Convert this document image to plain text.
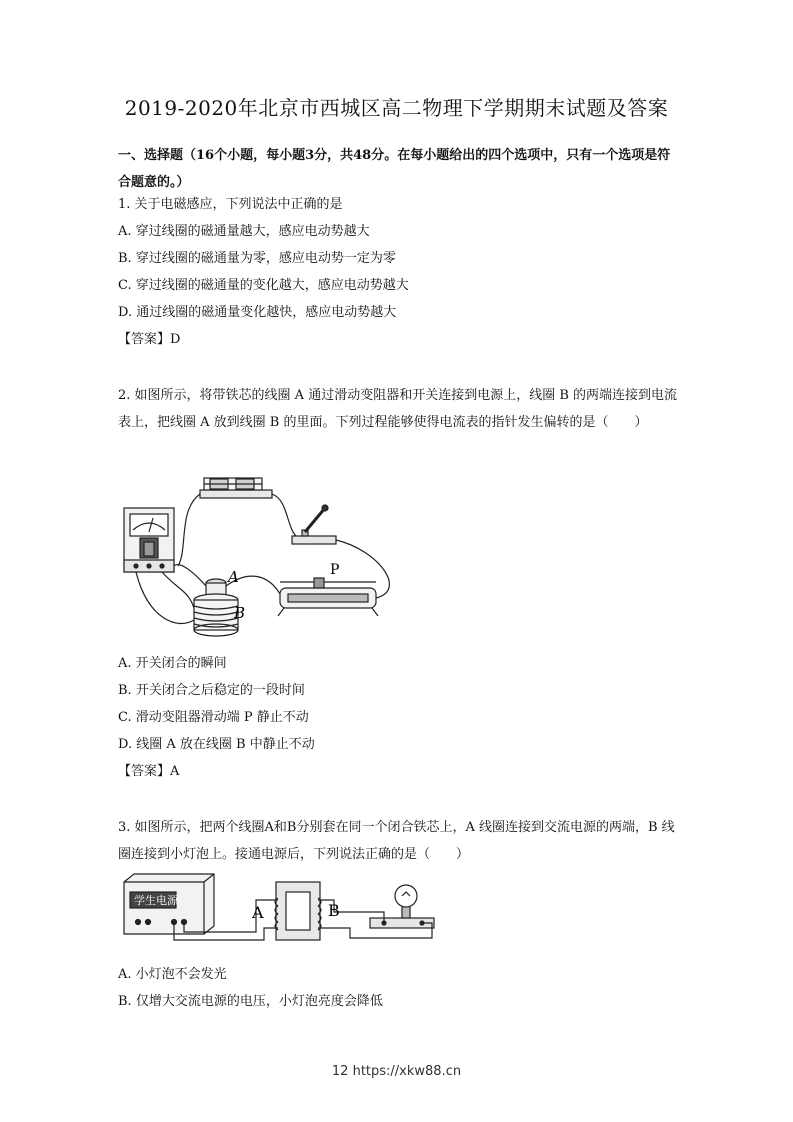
2019-2020年北京市西城区高二物理下学期期末试题及答案
一、选择题（16个小题，每小题3分，共48分。在每小题给出的四个选项中，只有一个选项是符合题意的。）
1. 关于电磁感应，下列说法中正确的是
A. 穿过线圈的磁通量越大，感应电动势越大
B. 穿过线圈的磁通量为零，感应电动势一定为零
C. 穿过线圈的磁通量的变化越大，感应电动势越大
D. 通过线圈的磁通量变化越快，感应电动势越大
【答案】D
2. 如图所示，将带铁芯的线圈 A 通过滑动变阻器和开关连接到电源上，线圈 B 的两端连接到电流表上，把线圈 A 放到线圈 B 的里面。下列过程能够使得电流表的指针发生偏转的是（　　）
A
B
P
A. 开关闭合的瞬间
B. 开关闭合之后稳定的一段时间
C. 滑动变阻器滑动端 P 静止不动
D. 线圈 A 放在线圈 B 中静止不动
【答案】A
3. 如图所示，把两个线圈A和B分别套在同一个闭合铁芯上，A 线圈连接到交流电源的两端，B 线圈连接到小灯泡上。接通电源后，下列说法正确的是（　　）
学生电源
A	B
A. 小灯泡不会发光
B. 仅增大交流电源的电压，小灯泡亮度会降低
12 https://xkw88.cn
